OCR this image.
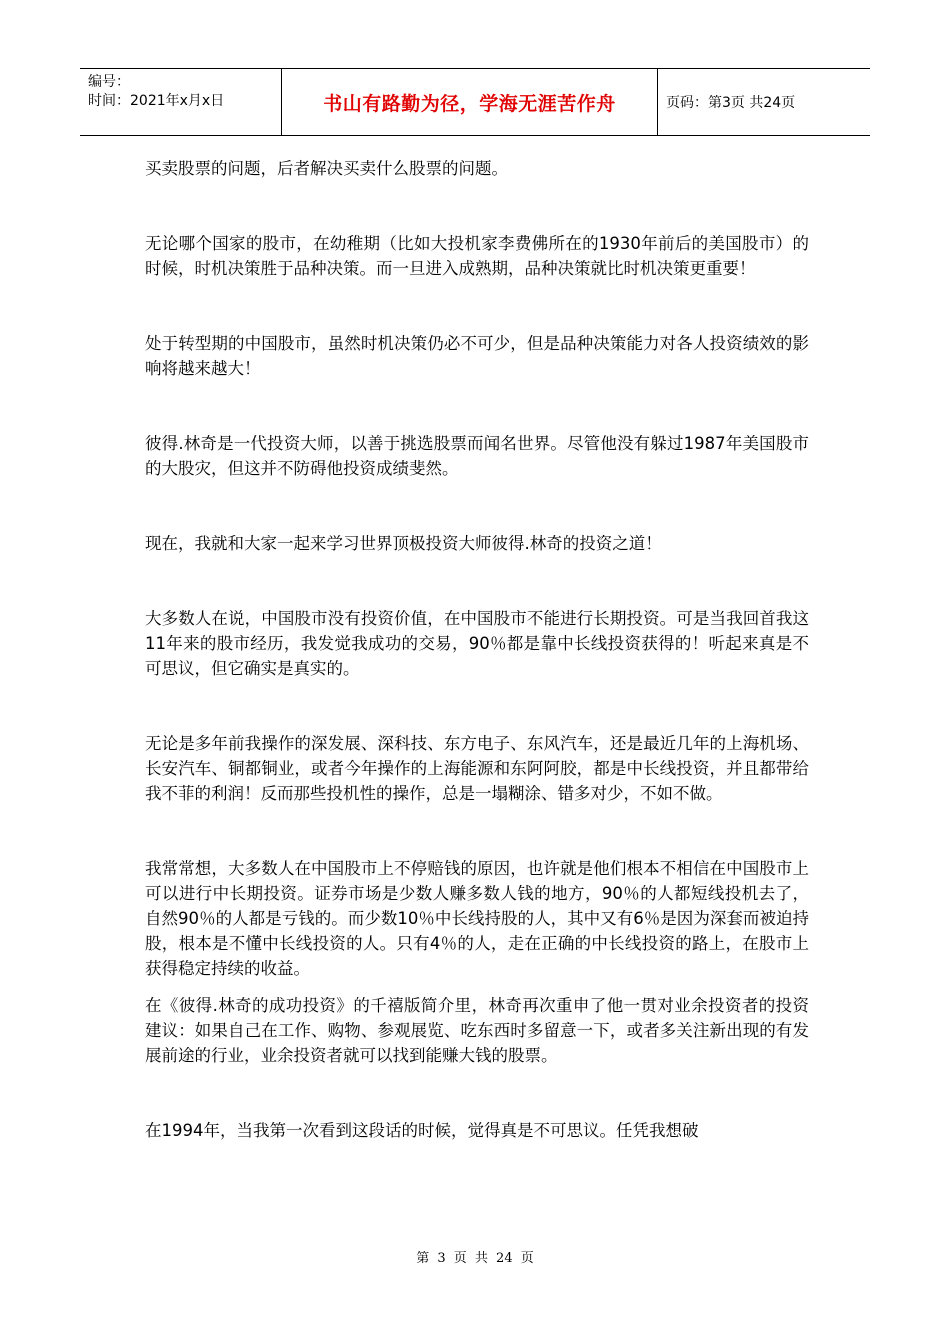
编号：
时间：2021年x月x日	书山有路勤为径，学海无涯苦作舟	页码：第3页 共24页

买卖股票的问题，后者解决买卖什么股票的问题。

无论哪个国家的股市，在幼稚期（比如大投机家李费佛所在的1930年前后的美国股市）的时候，时机决策胜于品种决策。而一旦进入成熟期，品种决策就比时机决策更重要！

处于转型期的中国股市，虽然时机决策仍必不可少，但是品种决策能力对各人投资绩效的影响将越来越大！

彼得.林奇是一代投资大师，以善于挑选股票而闻名世界。尽管他没有躲过1987年美国股市的大股灾，但这并不防碍他投资成绩斐然。

现在，我就和大家一起来学习世界顶极投资大师彼得.林奇的投资之道！

大多数人在说，中国股市没有投资价值，在中国股市不能进行长期投资。可是当我回首我这11年来的股市经历，我发觉我成功的交易，90％都是靠中长线投资获得的！听起来真是不可思议，但它确实是真实的。

无论是多年前我操作的深发展、深科技、东方电子、东风汽车，还是最近几年的上海机场、长安汽车、铜都铜业，或者今年操作的上海能源和东阿阿胶，都是中长线投资，并且都带给我不菲的利润！反而那些投机性的操作，总是一塌糊涂、错多对少，不如不做。

我常常想，大多数人在中国股市上不停赔钱的原因，也许就是他们根本不相信在中国股市上可以进行中长期投资。证券市场是少数人赚多数人钱的地方，90％的人都短线投机去了，自然90％的人都是亏钱的。而少数10％中长线持股的人，其中又有6％是因为深套而被迫持股，根本是不懂中长线投资的人。只有4％的人，走在正确的中长线投资的路上，在股市上获得稳定持续的收益。

在《彼得.林奇的成功投资》的千禧版简介里，林奇再次重申了他一贯对业余投资者的投资建议：如果自己在工作、购物、参观展览、吃东西时多留意一下，或者多关注新出现的有发展前途的行业，业余投资者就可以找到能赚大钱的股票。

在1994年，当我第一次看到这段话的时候，觉得真是不可思议。任凭我想破

第 3 页 共 24 页
